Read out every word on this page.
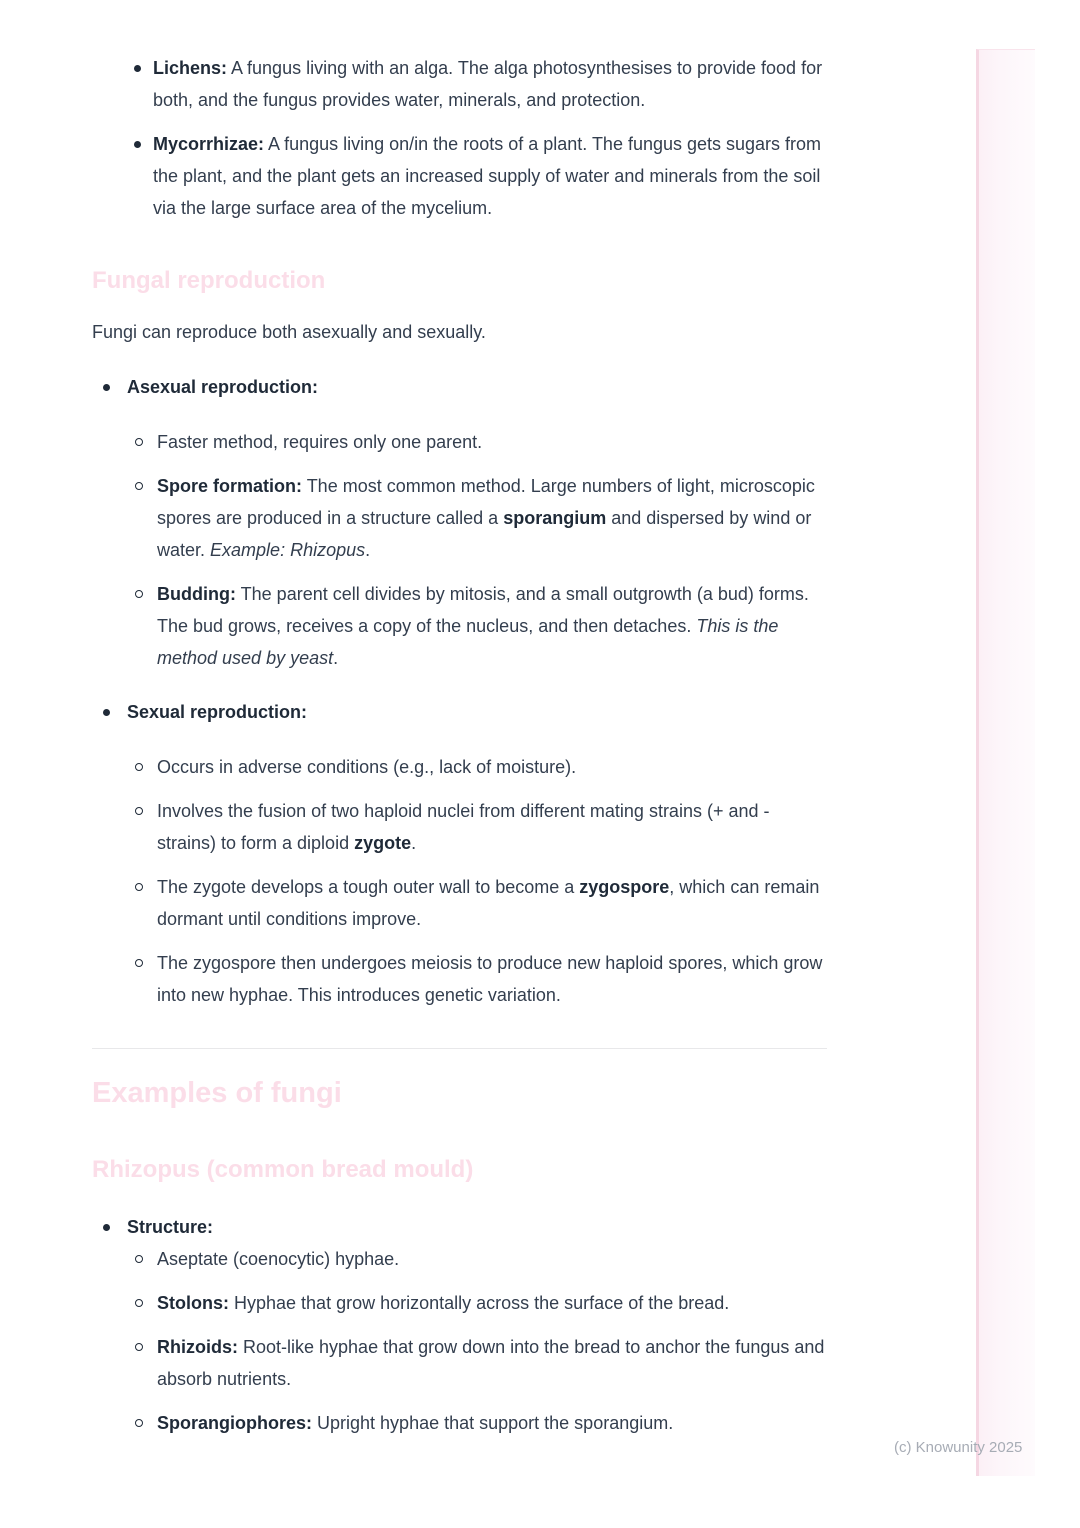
(c) Knowunity 2025
Lichens: A fungus living with an alga. The alga photosynthesises to provide food for both, and the fungus provides water, minerals, and protection.
Mycorrhizae: A fungus living on/in the roots of a plant. The fungus gets sugars from the plant, and the plant gets an increased supply of water and minerals from the soil via the large surface area of the mycelium.
Fungal reproduction

Fungi can reproduce both asexually and sexually.

Asexual reproduction:
Faster method, requires only one parent.
Spore formation: The most common method. Large numbers of light, microscopic spores are produced in a structure called a sporangium and dispersed by wind or water. Example: Rhizopus.
Budding: The parent cell divides by mitosis, and a small outgrowth (a bud) forms. The bud grows, receives a copy of the nucleus, and then detaches. This is the method used by yeast.
Sexual reproduction:
Occurs in adverse conditions (e.g., lack of moisture).
Involves the fusion of two haploid nuclei from different mating strains (+ and - strains) to form a diploid zygote.
The zygote develops a tough outer wall to become a zygospore, which can remain dormant until conditions improve.
The zygospore then undergoes meiosis to produce new haploid spores, which grow into new hyphae. This introduces genetic variation.
Examples of fungi
Rhizopus (common bread mould)
Structure:
Aseptate (coenocytic) hyphae.
Stolons: Hyphae that grow horizontally across the surface of the bread.
Rhizoids: Root-like hyphae that grow down into the bread to anchor the fungus and absorb nutrients.
Sporangiophores: Upright hyphae that support the sporangium.
